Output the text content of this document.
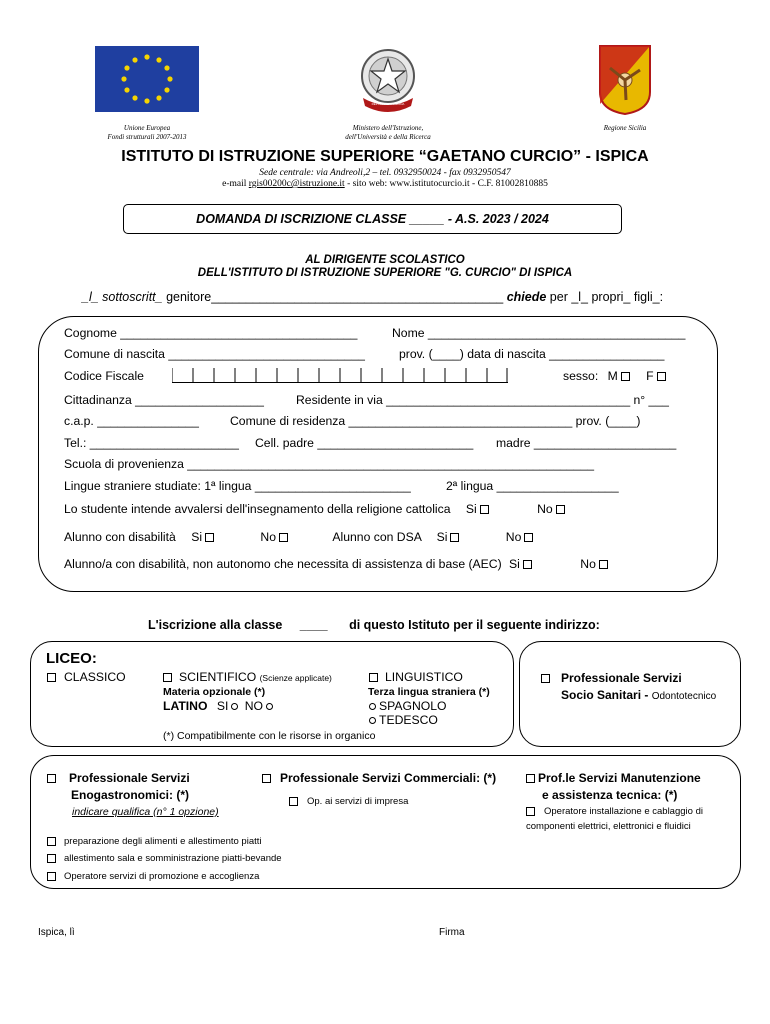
REPUBBLICA ITALIANA
Unione Europea
Fondi strutturali 2007-2013
Ministero dell'Istruzione,
dell'Università e della Ricerca
Regione Sicilia
ISTITUTO DI ISTRUZIONE SUPERIORE “GAETANO CURCIO” - ISPICA
Sede centrale: via Andreoli,2 – tel. 0932950024 - fax 0932950547
e-mail rgis00200c@istruzione.it - sito web: www.istitutocurcio.it - C.F. 81002810885
DOMANDA DI ISCRIZIONE CLASSE _____ - A.S. 2023 / 2024
AL DIRIGENTE SCOLASTICO
DELL'ISTITUTO DI ISTRUZIONE SUPERIORE "G. CURCIO" DI ISPICA
_l_ sottoscritt_ genitore__________________________________________ chiede per _l_ propri_ figli_:
Cognome ___________________________________	Nome ______________________________________
Comune di nascita _____________________________	prov. (____) data di nascita _________________
Codice Fiscale	sesso: M F
Cittadinanza ___________________	Residente in via ____________________________________ n° ___
c.a.p. _______________	Comune di residenza _________________________________ prov. (____)
Tel.: ______________________ Cell. padre _______________________ madre _____________________
Scuola di provenienza ____________________________________________________________
Lingue straniere studiate: 1ª lingua _______________________	2ª lingua __________________
Lo studente intende avvalersi dell'insegnamento della religione cattolica Si	No
Alunno con disabilità Si	No	Alunno con DSA Si	No
Alunno/a con disabilità, non autonomo che necessita di assistenza di base (AEC) Si	No
L'iscrizione alla classe ____ di questo Istituto per il seguente indirizzo:
LICEO:
CLASSICO	SCIENTIFICO (Scienze applicate)
Materia opzionale (*)
LATINO SI NO
LINGUISTICO
Terza lingua straniera (*)
SPAGNOLO
TEDESCO
(*) Compatibilmente con le risorse in organico
Professionale Servizi
Socio Sanitari - Odontotecnico
Professionale Servizi
Enogastronomici: (*)
indicare qualifica (n° 1 opzione)
preparazione degli alimenti e allestimento piatti
allestimento sala e somministrazione piatti-bevande
Operatore servizi di promozione e accoglienza
Professionale Servizi Commerciali: (*)
Op. ai servizi di impresa
Prof.le Servizi Manutenzione
e assistenza tecnica: (*)
Operatore installazione e cablaggio di
componenti elettrici, elettronici e fluidici
Ispica, lì	Firma
